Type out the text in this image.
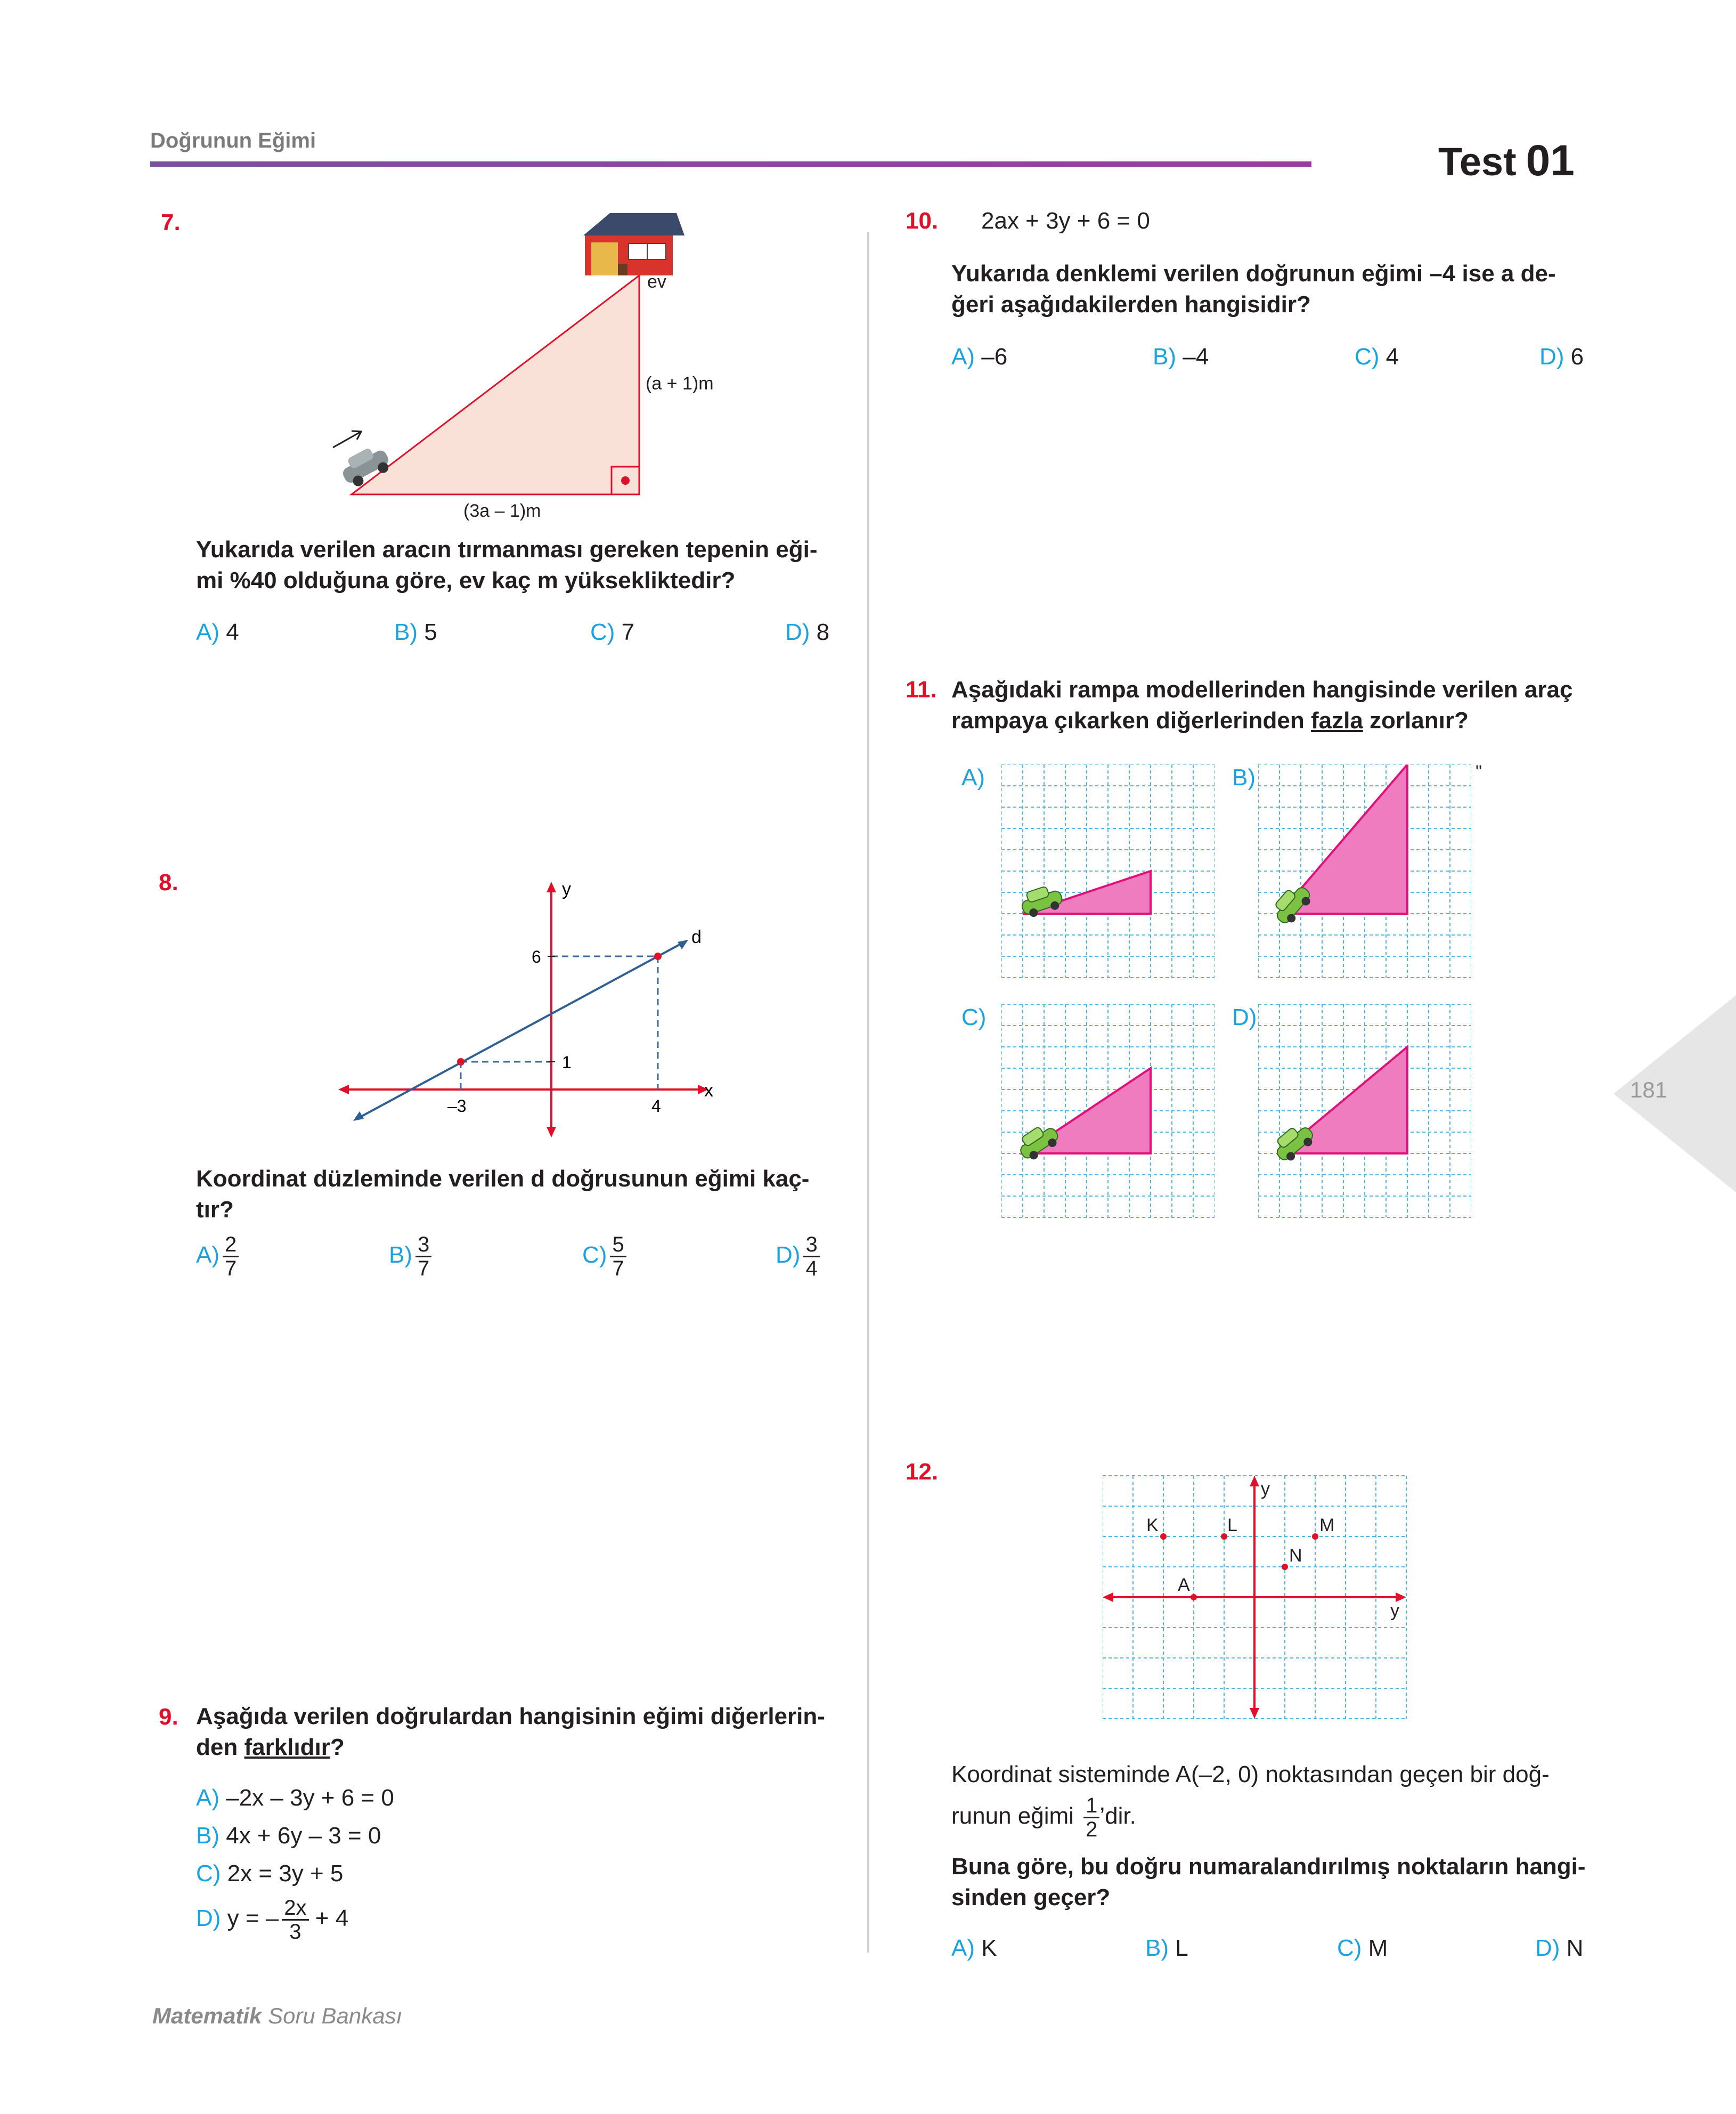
Doğrunun Eğimi	Test 01
7.
ev
(a + 1)m
(3a – 1)m
Yukarıda verilen aracın tırmanması gereken tepenin eği-
mi %40 olduğuna göre, ev kaç m yüksekliktedir?
A) 4	B) 5	C) 7	D) 8
8.	y
x
d
6
1
–3	4
Koordinat düzleminde verilen d doğrusunun eğimi kaç-
tır?
$A) \frac{2}{7}$	$B) \frac{3}{7}$	$C) \frac{5}{7}$	$D) \frac{3}{4}$
9. Aşağıda verilen doğrulardan hangisinin eğimi diğerlerin-
den farklıdır?
A) –2x – 3y + 6 = 0
B) 4x + 6y – 3 = 0
C) 2x = 3y + 5
D) y = – $\frac{2x}{3} + 4$
10. 2ax + 3y + 6 = 0
Yukarıda denklemi verilen doğrunun eğimi –4 ise a de-
ğeri aşağıdakilerden hangisidir?
A) –6	B) –4	C) 4	D) 6
11. Aşağıdaki rampa modellerinden hangisinde verilen araç
rampaya çıkarken diğerlerinden fazla zorlanır?
"
A)	B)
C)	D)
12.
y
y
K	L	M
N
A
Koordinat sisteminde A(–2, 0) noktasından geçen bir doğ-
runun eğimi $\frac{1}{2}$ ’dir.
Buna göre, bu doğru numaralandırılmış noktaların hangi-
sinden geçer?
A) K	B) L	C) M	D) N
181
Matematik Soru Bankası
